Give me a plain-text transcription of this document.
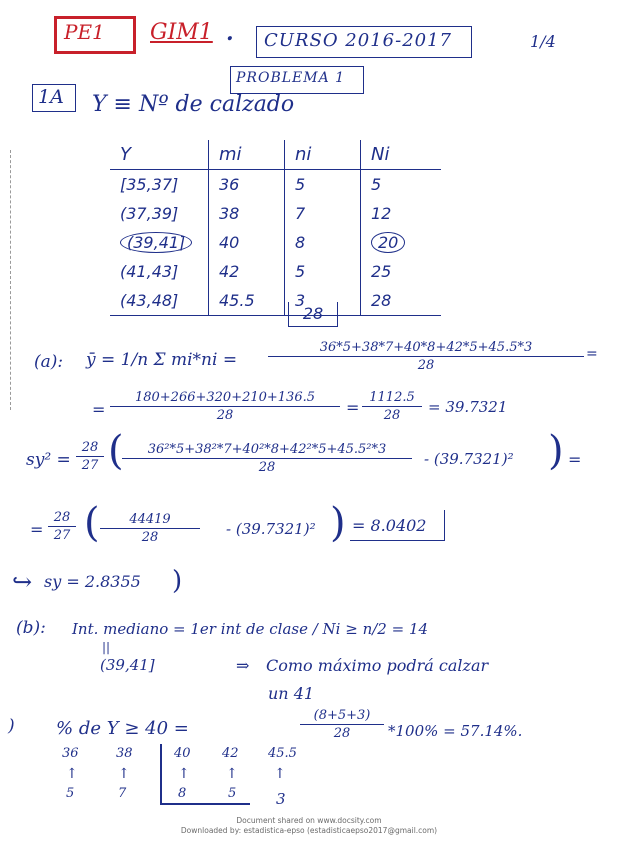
PE1 GIM1 . CURSO 2016-2017	1/4
PROBLEMA 1
1A Y ≡ Nº de calzado
Y	mi	ni	Ni
[35,37]	36	5	5
(37,39]	38	7	12
(39,41]	40	8	20
(41,43]	42	5	25
(43,48]	45.5	3	28
28
(a): ȳ = 1/n Σ $mi*ni = \frac{36*5+38*7+40*8+42*5+45.5*3}{28}$ =
= $\frac{180+266+320+210+136.5}{28} = \frac{1112.5}{28} = 39.7321$
$sy^2 = \frac{28}{27}$ (
$\frac{\text{36²*5+38²*7+40²*8+42²*5+45.5²*3}}{28} - (39.7321)^2$ ) =
= $\frac{28}{27}$ ( $\frac{44419}{28} - (39.7321)^2$ ) = 8.0402
↪ sy = 2.8355 )
(b): Int. mediano = 1er int de clase / Ni ≥ n/2 = 14
||
(39,41]	⇒ Como máximo podrá calzar
un 41
) % de Y ≥ 40 =	$\frac{(8+5+3)}{28} *100\% = 57.14\%$.
36	38	40 42 45.5
↑	↑	↑	↑	↑
5	7	8	5	3
Document shared on www.docsity.com
Downloaded by: estadistica-epso (estadisticaepso2017@gmail.com)
